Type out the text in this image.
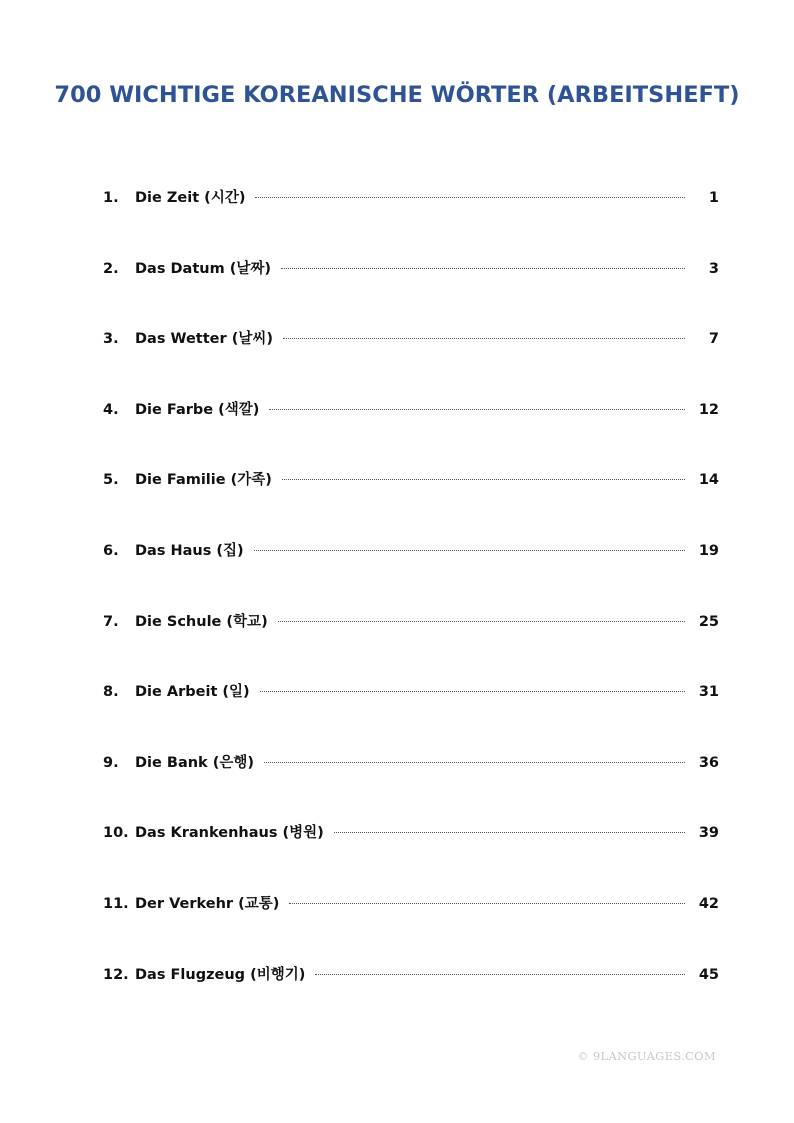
700 WICHTIGE KOREANISCHE WÖRTER (ARBEITSHEFT)
1.	Die Zeit (시간)	1
2.	Das Datum (날짜)	3
3.	Das Wetter (날씨)	7
4.	Die Farbe (색깔)	12
5.	Die Familie (가족)	14
6.	Das Haus (집)	19
7.	Die Schule (학교)	25
8.	Die Arbeit (일)	31
9.	Die Bank (은행)	36
10. Das Krankenhaus (병원)	39
11. Der Verkehr (교통)	42
12. Das Flugzeug (비행기)	45
© 9LANGUAGES.COM
